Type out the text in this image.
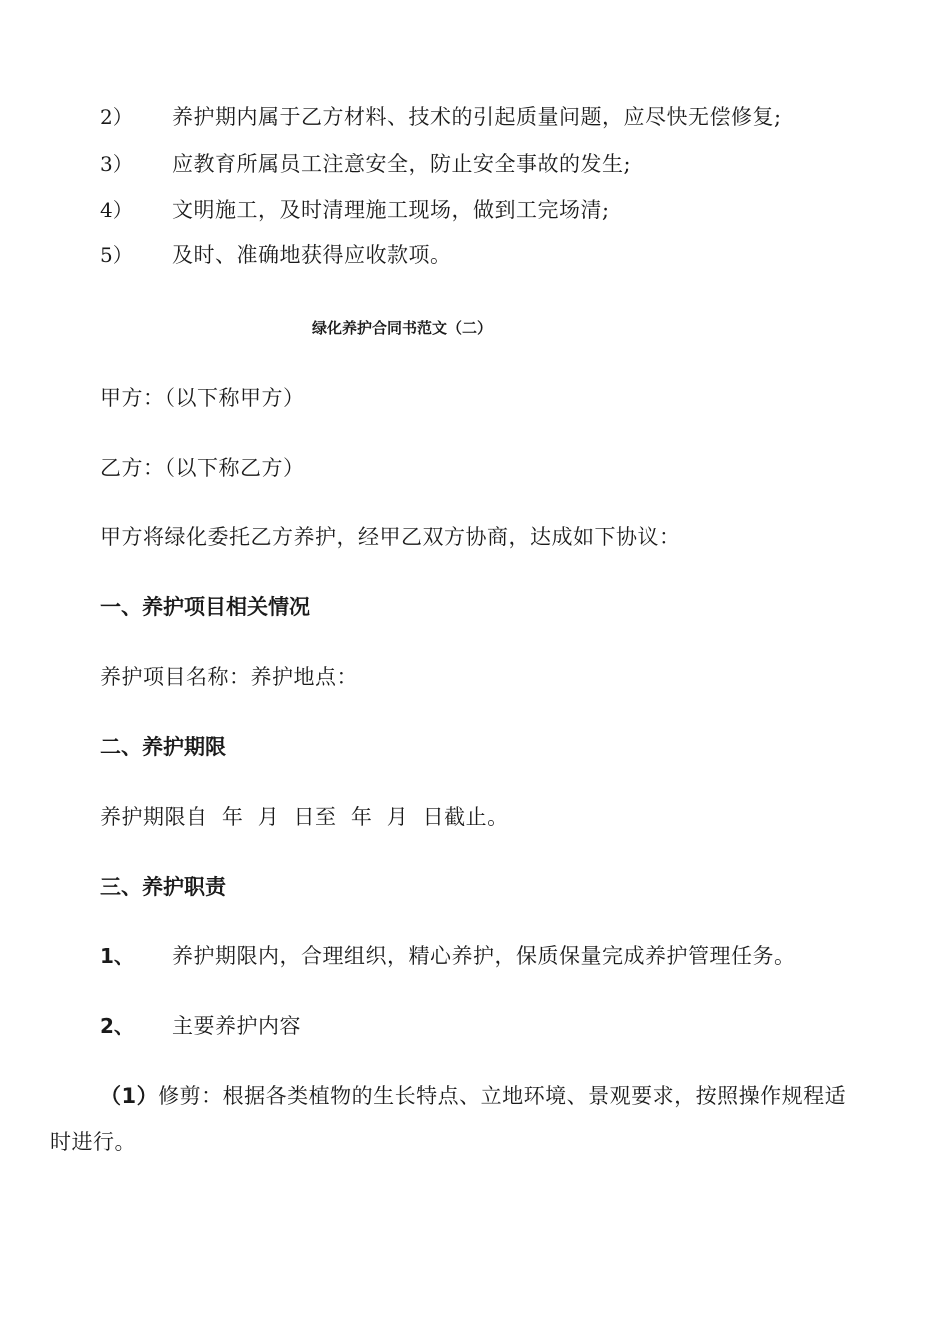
2） 养护期内属于乙方材料、技术的引起质量问题，应尽快无偿修复;
3） 应教育所属员工注意安全，防止安全事故的发生;
4） 文明施工，及时清理施工现场，做到工完场清;
5） 及时、准确地获得应收款项。
绿化养护合同书范文（二）
甲方：（以下称甲方）
乙方：（以下称乙方）
甲方将绿化委托乙方养护，经甲乙双方协商，达成如下协议：
一、养护项目相关情况
养护项目名称：养护地点：
二、养护期限
养护期限自  年  月  日至  年  月  日截止。
三、养护职责
1、 养护期限内，合理组织，精心养护，保质保量完成养护管理任务。
2、 主要养护内容
（1）修剪：根据各类植物的生长特点、立地环境、景观要求，按照操作规程适
时进行。
